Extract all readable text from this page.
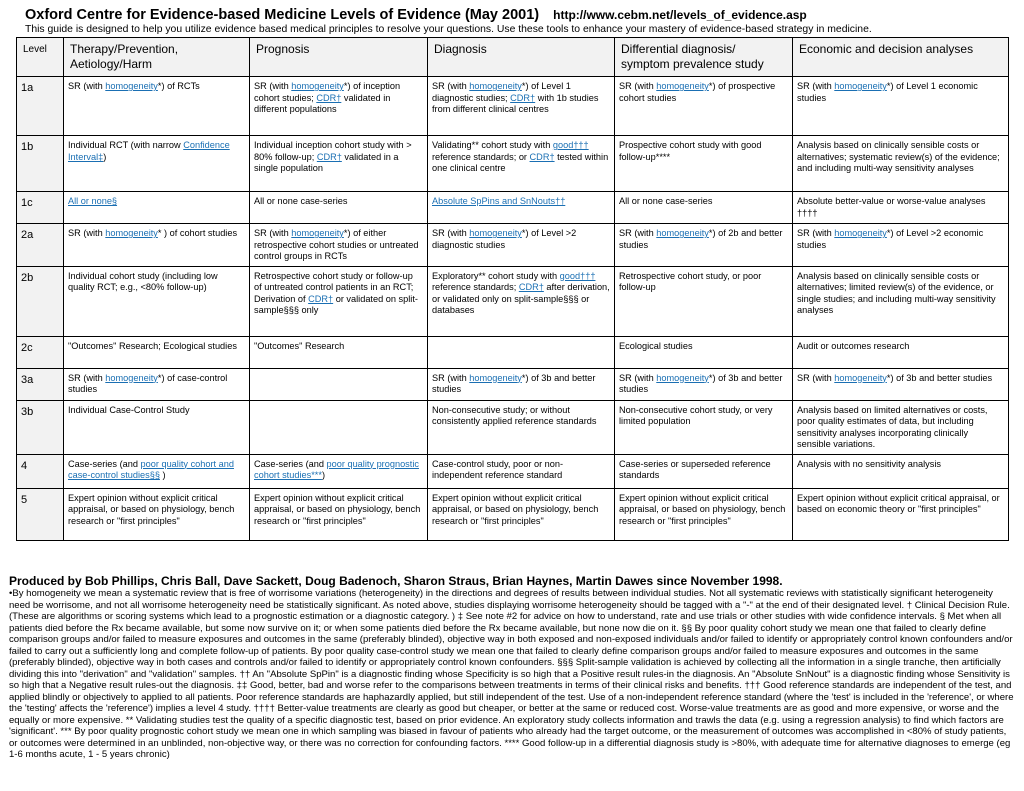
Oxford Centre for Evidence-based Medicine Levels of Evidence (May 2001) http://www.cebm.net/levels_of_evidence.asp
This guide is designed to help you utilize evidence based medical principles to resolve your questions. Use these tools to enhance your mastery of evidence-based strategy in medicine.
Level	Therapy/Prevention, Aetiology/Harm	Prognosis	Diagnosis	Differential diagnosis/ symptom prevalence study	Economic and decision analyses
1a	SR (with homogeneity*) of RCTs	SR (with homogeneity*) of inception cohort studies; CDR† validated in different populations	SR (with homogeneity*) of Level 1 diagnostic studies; CDR† with 1b studies from different clinical centres	SR (with homogeneity*) of prospective cohort studies	SR (with homogeneity*) of Level 1 economic studies
1b	Individual RCT (with narrow Confidence Interval‡)	Individual inception cohort study with > 80% follow-up; CDR† validated in a single population	Validating** cohort study with good††† reference standards; or CDR† tested within one clinical centre	Prospective cohort study with good follow-up****	Analysis based on clinically sensible costs or alternatives; systematic review(s) of the evidence; and including multi-way sensitivity analyses
1c	All or none§	All or none case-series	Absolute SpPins and SnNouts††	All or none case-series	Absolute better-value or worse-value analyses ††††
2a	SR (with homogeneity* ) of cohort studies	SR (with homogeneity*) of either retrospective cohort studies or untreated control groups in RCTs	SR (with homogeneity*) of Level >2 diagnostic studies	SR (with homogeneity*) of 2b and better studies	SR (with homogeneity*) of Level >2 economic studies
2b	Individual cohort study (including low quality RCT; e.g., <80% follow-up)	Retrospective cohort study or follow-up of untreated control patients in an RCT; Derivation of CDR† or validated on split-sample§§§ only	Exploratory** cohort study with good††† reference standards; CDR† after derivation, or validated only on split-sample§§§ or databases	Retrospective cohort study, or poor follow-up	Analysis based on clinically sensible costs or alternatives; limited review(s) of the evidence, or single studies; and including multi-way sensitivity analyses
2c	"Outcomes" Research; Ecological studies	"Outcomes" Research		Ecological studies	Audit or outcomes research
3a	SR (with homogeneity*) of case-control studies		SR (with homogeneity*) of 3b and better studies	SR (with homogeneity*) of 3b and better studies	SR (with homogeneity*) of 3b and better studies
3b	Individual Case-Control Study		Non-consecutive study; or without consistently applied reference standards	Non-consecutive cohort study, or very limited population	Analysis based on limited alternatives or costs, poor quality estimates of data, but including sensitivity analyses incorporating clinically sensible variations.
4	Case-series (and poor quality cohort and case-control studies§§ )	Case-series (and poor quality prognostic cohort studies***)	Case-control study, poor or non-independent reference standard	Case-series or superseded reference standards	Analysis with no sensitivity analysis
5	Expert opinion without explicit critical appraisal, or based on physiology, bench research or "first principles"	Expert opinion without explicit critical appraisal, or based on physiology, bench research or "first principles"	Expert opinion without explicit critical appraisal, or based on physiology, bench research or "first principles"	Expert opinion without explicit critical appraisal, or based on physiology, bench research or "first principles"	Expert opinion without explicit critical appraisal, or based on economic theory or "first principles"
Produced by Bob Phillips, Chris Ball, Dave Sackett, Doug Badenoch, Sharon Straus, Brian Haynes, Martin Dawes since November 1998.
•By homogeneity we mean a systematic review that is free of worrisome variations (heterogeneity) in the directions and degrees of results between individual studies. Not all systematic reviews with statistically significant heterogeneity need be worrisome, and not all worrisome heterogeneity need be statistically significant. As noted above, studies displaying worrisome heterogeneity should be tagged with a "-" at the end of their designated level. † Clinical Decision Rule. (These are algorithms or scoring systems which lead to a prognostic estimation or a diagnostic category. ) ‡ See note #2 for advice on how to understand, rate and use trials or other studies with wide confidence intervals. § Met when all patients died before the Rx became available, but some now survive on it; or when some patients died before the Rx became available, but none now die on it. §§ By poor quality cohort study we mean one that failed to clearly define comparison groups and/or failed to measure exposures and outcomes in the same (preferably blinded), objective way in both exposed and non-exposed individuals and/or failed to identify or appropriately control known confounders and/or failed to carry out a sufficiently long and complete follow-up of patients. By poor quality case-control study we mean one that failed to clearly define comparison groups and/or failed to measure exposures and outcomes in the same (preferably blinded), objective way in both cases and controls and/or failed to identify or appropriately control known confounders. §§§ Split-sample validation is achieved by collecting all the information in a single tranche, then artificially dividing this into "derivation" and "validation" samples. †† An "Absolute SpPin" is a diagnostic finding whose Specificity is so high that a Positive result rules-in the diagnosis. An "Absolute SnNout" is a diagnostic finding whose Sensitivity is so high that a Negative result rules-out the diagnosis. ‡‡ Good, better, bad and worse refer to the comparisons between treatments in terms of their clinical risks and benefits. ††† Good reference standards are independent of the test, and applied blindly or objectively to applied to all patients. Poor reference standards are haphazardly applied, but still independent of the test. Use of a non-independent reference standard (where the 'test' is included in the 'reference', or where the 'testing' affects the 'reference') implies a level 4 study. †††† Better-value treatments are clearly as good but cheaper, or better at the same or reduced cost. Worse-value treatments are as good and more expensive, or worse and the equally or more expensive. ** Validating studies test the quality of a specific diagnostic test, based on prior evidence. An exploratory study collects information and trawls the data (e.g. using a regression analysis) to find which factors are 'significant'. *** By poor quality prognostic cohort study we mean one in which sampling was biased in favour of patients who already had the target outcome, or the measurement of outcomes was accomplished in <80% of study patients, or outcomes were determined in an unblinded, non-objective way, or there was no correction for confounding factors. **** Good follow-up in a differential diagnosis study is >80%, with adequate time for alternative diagnoses to emerge (eg 1-6 months acute, 1 - 5 years chronic)
